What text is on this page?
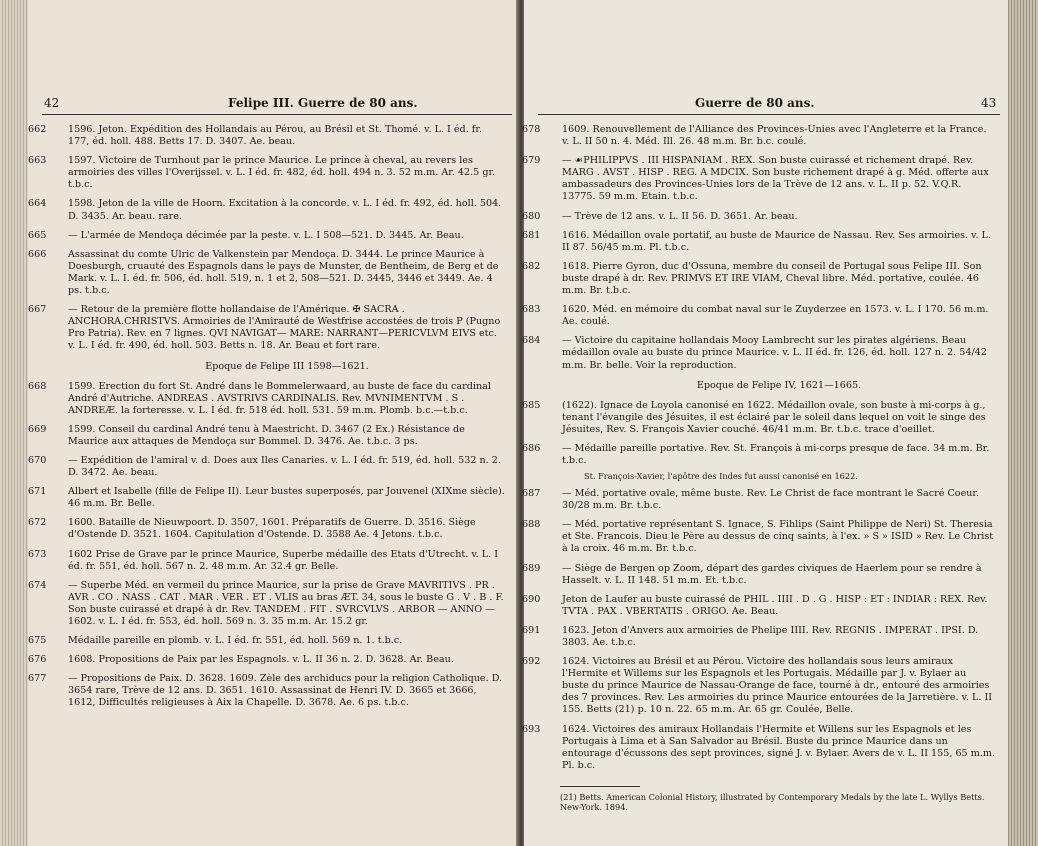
42	Felipe III. Guerre de 80 ans.
662	1596. Jeton. Expédition des Hollandais au Pérou, au Brésil et St. Thomé. v. L. I éd. fr. 177, éd. holl. 488. Betts 17. D. 3407. Ae. beau.
663	1597. Victoire de Turnhout par le prince Maurice. Le prince à cheval, au revers les armoiries des villes l'Overijssel. v. L. I éd. fr. 482, éd. holl. 494 n. 3. 52 m.m. Ar. 42.5 gr. t.b.c.
664	1598. Jeton de la ville de Hoorn. Excitation à la concorde. v. L. I éd. fr. 492, éd. holl. 504. D. 3435. Ar. beau. rare.
665	— L'armée de Mendoça décimée par la peste. v. L. I 508—521. D. 3445. Ar. Beau.
666	Assassinat du comte Ulric de Valkenstein par Mendoça. D. 3444. Le prince Maurice à Doesburgh, cruauté des Espagnols dans le pays de Munster, de Bentheim, de Berg et de Mark. v. L. I. éd. fr. 506, éd. holl. 519, n. 1 et 2, 508—521. D. 3445, 3446 et 3449. Ae. 4 ps. t.b.c.
667	— Retour de la première flotte hollandaise de l'Amérique. ✠ SACRA . ANCHORA.CHRISTVS. Armoiries de l'Amirauté de Westfrise accostées de trois P (Pugno Pro Patria). Rev. en 7 lignes. QVI NAVIGAT— MARE: NARRANT—PERICVLVM EIVS etc. v. L. I éd. fr. 490, éd. holl. 503. Betts n. 18. Ar. Beau et fort rare.
Epoque de Felipe III 1598—1621.
668	1599. Erection du fort St. André dans le Bommelerwaard, au buste de face du cardinal André d'Autriche. ANDREAS . AVSTRIVS CARDINALIS. Rev. MVNIMENTVM . S . ANDREÆ. la forteresse. v. L. I éd. fr. 518 éd. holl. 531. 59 m.m. Plomb. b.c.—t.b.c.
669	1599. Conseil du cardinal André tenu à Maestricht. D. 3467 (2 Ex.) Résistance de Maurice aux attaques de Mendoça sur Bommel. D. 3476. Ae. t.b.c. 3 ps.
670	— Expédition de l'amiral v. d. Does aux Iles Canaries. v. L. I éd. fr. 519, éd. holl. 532 n. 2. D. 3472. Ae. beau.
671	Albert et Isabelle (fille de Felipe II). Leur bustes superposés, par Jouvenel (XIXme siècle). 46 m.m. Br. Belle.
672	1600. Bataille de Nieuwpoort. D. 3507, 1601. Préparatifs de Guerre. D. 3516. Siège d'Ostende D. 3521. 1604. Capitulation d'Ostende. D. 3588 Ae. 4 Jetons. t.b.c.
673	1602 Prise de Grave par le prince Maurice, Superbe médaille des Etats d'Utrecht. v. L. I éd. fr. 551, éd. holl. 567 n. 2. 48 m.m. Ar. 32.4 gr. Belle.
674	— Superbe Méd. en vermeil du prince Maurice, sur la prise de Grave MAVRITIVS . PR . AVR . CO . NASS . CAT . MAR . VER . ET . VLIS au bras ÆT. 34, sous le buste G . V . B . F. Son buste cuirassé et drapé à dr. Rev. TANDEM . FIT . SVRCVLVS . ARBOR — ANNO — 1602. v. L. I éd. fr. 553, éd. holl. 569 n. 3. 35 m.m. Ar. 15.2 gr.
675	Médaille pareille en plomb. v. L. I éd. fr. 551, éd. holl. 569 n. 1. t.b.c.
676	1608. Propositions de Paix par les Espagnols. v. L. II 36 n. 2. D. 3628. Ar. Beau.
677	— Propositions de Paix. D. 3628. 1609. Zèle des archiducs pour la religion Catholique. D. 3654 rare, Trève de 12 ans. D. 3651. 1610. Assassinat de Henri IV. D. 3665 et 3666, 1612, Difficultés religieuses à Aix la Chapelle. D. 3678. Ae. 6 ps. t.b.c.
Guerre de 80 ans.	43
678	1609. Renouvellement de l'Alliance des Provinces-Unies avec l'Angleterre et la France. v. L. II 50 n. 4. Méd. Ill. 26. 48 m.m. Br. b.c. coulé.
679	— ☙PHILIPPVS . III HISPANIAM . REX. Son buste cuirassé et richement drapé. Rev. MARG . AVST . HISP . REG. A MDCIX. Son buste richement drapé à g. Méd. offerte aux ambassadeurs des Provinces-Unies lors de la Trève de 12 ans. v. L. II p. 52. V.Q.R. 13775. 59 m.m. Etain. t.b.c.
680	— Trève de 12 ans. v. L. II 56. D. 3651. Ar. beau.
681	1616. Médaillon ovale portatif, au buste de Maurice de Nassau. Rev. Ses armoiries. v. L. II 87. 56/45 m.m. Pl. t.b.c.
682	1618. Pierre Gyron, duc d'Ossuna, membre du conseil de Portugal sous Felipe III. Son buste drapé à dr. Rev. PRIMVS ET IRE VIAM, Cheval libre. Méd. portative, coulée. 46 m.m. Br. t.b.c.
683	1620. Méd. en mémoire du combat naval sur le Zuyderzee en 1573. v. L. I 170. 56 m.m. Ae. coulé.
684	— Victoire du capitaine hollandais Mooy Lambrecht sur les pirates algériens. Beau médaillon ovale au buste du prince Maurice. v. L. II éd. fr. 126, éd. holl. 127 n. 2. 54/42 m.m. Br. belle. Voir la reproduction.
Epoque de Felipe IV, 1621—1665.
685	(1622). Ignace de Loyola canonisé en 1622. Médaillon ovale, son buste à mi-corps à g., tenant l'évangile des Jésuites, il est éclairé par le soleil dans lequel on voit le singe des Jésuites, Rev. S. François Xavier couché. 46/41 m.m. Br. t.b.c. trace d'oeillet.
686	— Médaille pareille portative. Rev. St. François à mi-corps presque de face. 34 m.m. Br. t.b.c.
St. François-Xavier, l'apôtre des Indes fut aussi canonisé en 1622.
687	— Méd. portative ovale, même buste. Rev. Le Christ de face montrant le Sacré Coeur. 30/28 m.m. Br. t.b.c.
688	— Méd. portative représentant S. Ignace, S. Fihlips (Saint Philippe de Neri) St. Theresia et Ste. Francois. Dieu le Père au dessus de cinq saints, à l'ex. » S » ISID » Rev. Le Christ à la croix. 46 m.m. Br. t.b.c.
689	— Siège de Bergen op Zoom, départ des gardes civiques de Haerlem pour se rendre à Hasselt. v. L. II 148. 51 m.m. Et. t.b.c.
690	Jeton de Laufer au buste cuirassé de PHIL . IIII . D . G . HISP : ET : INDIAR : REX. Rev. TVTA . PAX . VBERTATIS . ORIGO. Ae. Beau.
691	1623. Jeton d'Anvers aux armoiries de Phelipe IIII. Rev. REGNIS . IMPERAT . IPSI. D. 3803. Ae. t.b.c.
692	1624. Victoires au Brésil et au Pérou. Victoire des hollandais sous leurs amiraux l'Hermite et Willems sur les Espagnols et les Portugais. Médaille par J. v. Bylaer au buste du prince Maurice de Nassau-Orange de face, tourné à dr., entouré des armoiries des 7 provinces. Rev. Les armoiries du prince Maurice entourées de la Jarretière. v. L. II 155. Betts (21) p. 10 n. 22. 65 m.m. Ar. 65 gr. Coulée, Belle.
693	1624. Victoires des amiraux Hollandais l'Hermite et Willens sur les Espagnols et les Portugais à Lima et à San Salvador au Brésil. Buste du prince Maurice dans un entourage d'écussons des sept provinces, signé J. v. Bylaer. Avers de v. L. II 155, 65 m.m. Pl. b.c.
(21) Betts. American Colonial History, illustrated by Contemporary Medals by the late L. Wyllys Betts. New-York. 1894.
